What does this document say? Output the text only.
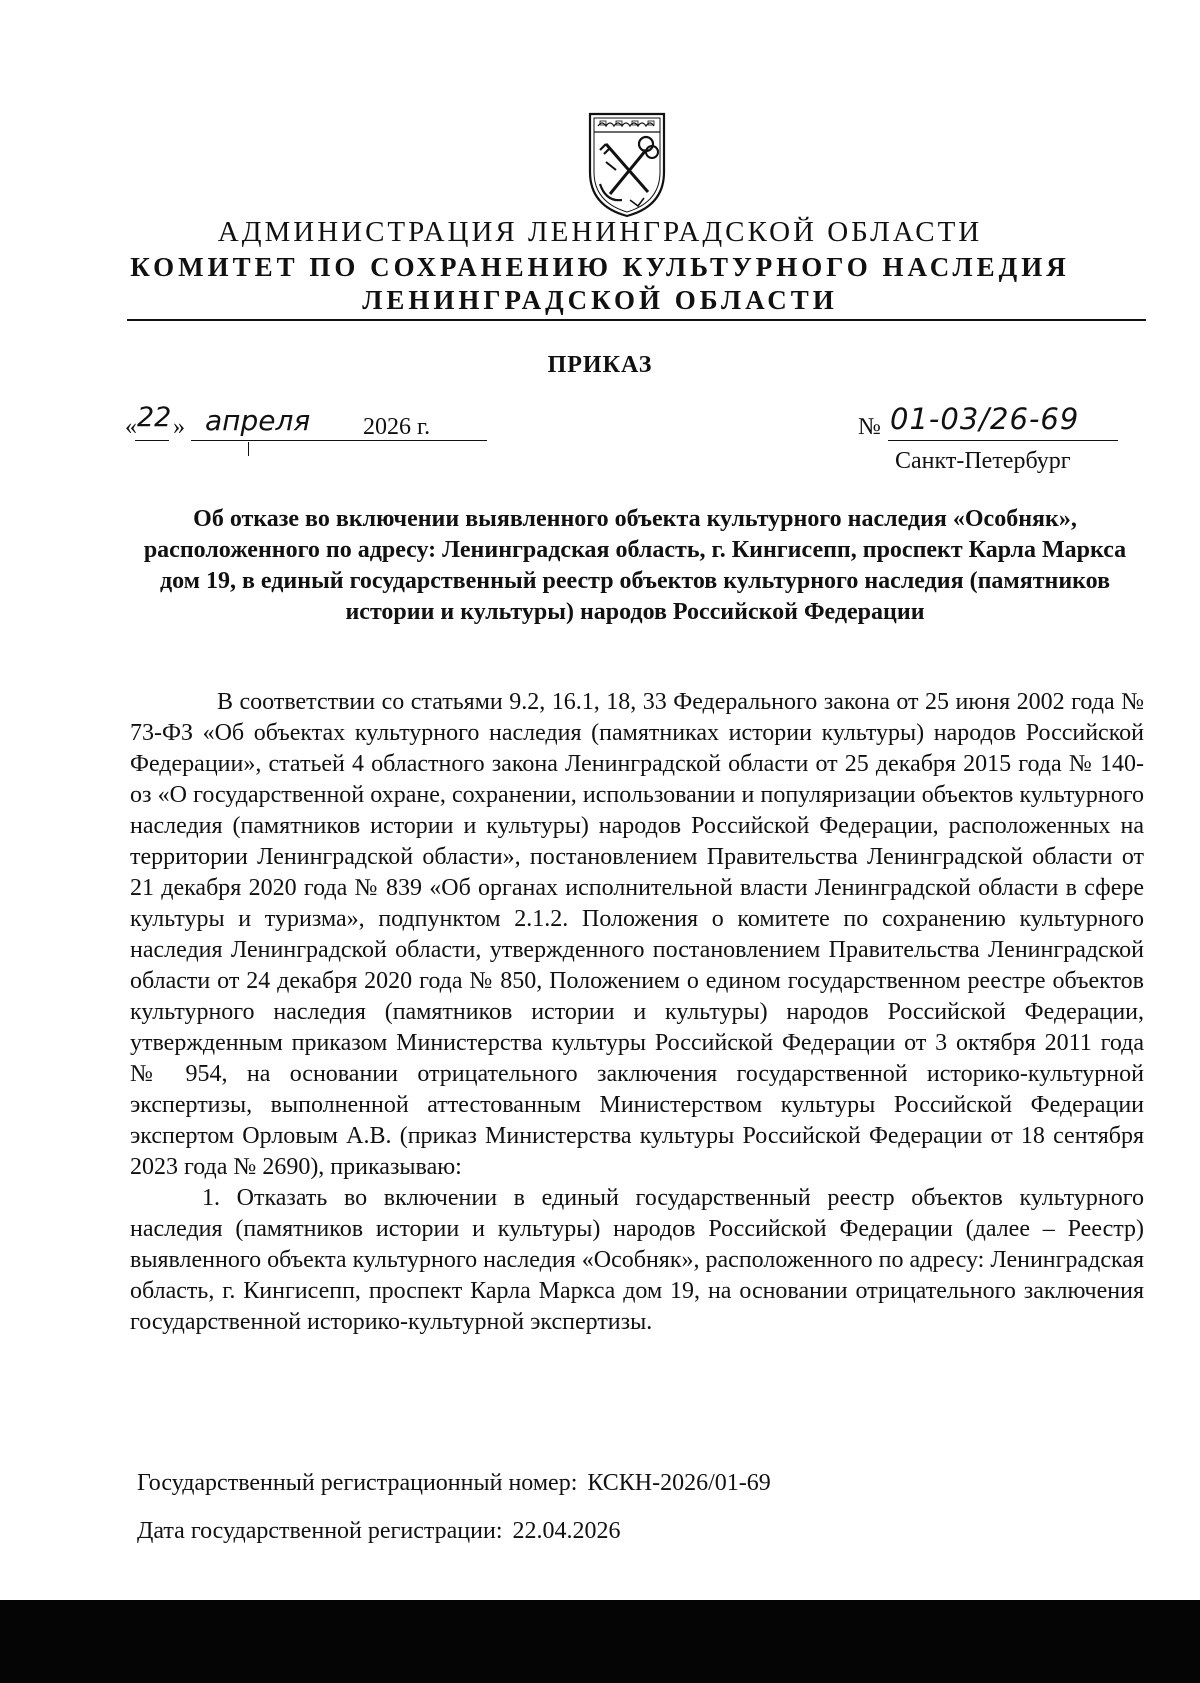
АДМИНИСТРАЦИЯ ЛЕНИНГРАДСКОЙ ОБЛАСТИ
КОМИТЕТ ПО СОХРАНЕНИЮ КУЛЬТУРНОГО НАСЛЕДИЯ
ЛЕНИНГРАДСКОЙ ОБЛАСТИ
ПРИКАЗ
« 22 » апреля 2026 г.	№ 01-03/26-69
Санкт-Петербург
Об отказе во включении выявленного объекта культурного наследия «Особняк», расположенного по адресу: Ленинградская область, г. Кингисепп, проспект Карла Маркса дом 19, в единый государственный реестр объектов культурного наследия (памятников истории и культуры) народов Российской Федерации

В соответствии со статьями 9.2, 16.1, 18, 33 Федерального закона от 25 июня 2002 года № 73-ФЗ «Об объектах культурного наследия (памятниках истории культуры) народов Российской Федерации», статьей 4 областного закона Ленинградской области от 25 декабря 2015 года № 140-оз «О государственной охране, сохранении, использовании и популяризации объектов культурного наследия (памятников истории и культуры) народов Российской Федерации, расположенных на территории Ленинградской области», постановлением Правительства Ленинградской области от 21 декабря 2020 года № 839 «Об органах исполнительной власти Ленинградской области в сфере культуры и туризма», подпунктом 2.1.2. Положения о комитете по сохранению культурного наследия Ленинградской области, утвержденного постановлением Правительства Ленинградской области от 24 декабря 2020 года № 850, Положением о едином государственном реестре объектов культурного наследия (памятников истории и культуры) народов Российской Федерации, утвержденным приказом Министерства культуры Российской Федерации от 3 октября 2011 года № 954, на основании отрицательного заключения государственной историко-культурной экспертизы, выполненной аттестованным Министерством культуры Российской Федерации экспертом Орловым А.В. (приказ Министерства культуры Российской Федерации от 18 сентября 2023 года № 2690), приказываю:

1. Отказать во включении в единый государственный реестр объектов культурного наследия (памятников истории и культуры) народов Российской Федерации (далее – Реестр) выявленного объекта культурного наследия «Особняк», расположенного по адресу: Ленинградская область, г. Кингисепп, проспект Карла Маркса дом 19, на основании отрицательного заключения государственной историко-культурной экспертизы.

Государственный регистрационный номер: КСКН-2026/01-69
Дата государственной регистрации: 22.04.2026
